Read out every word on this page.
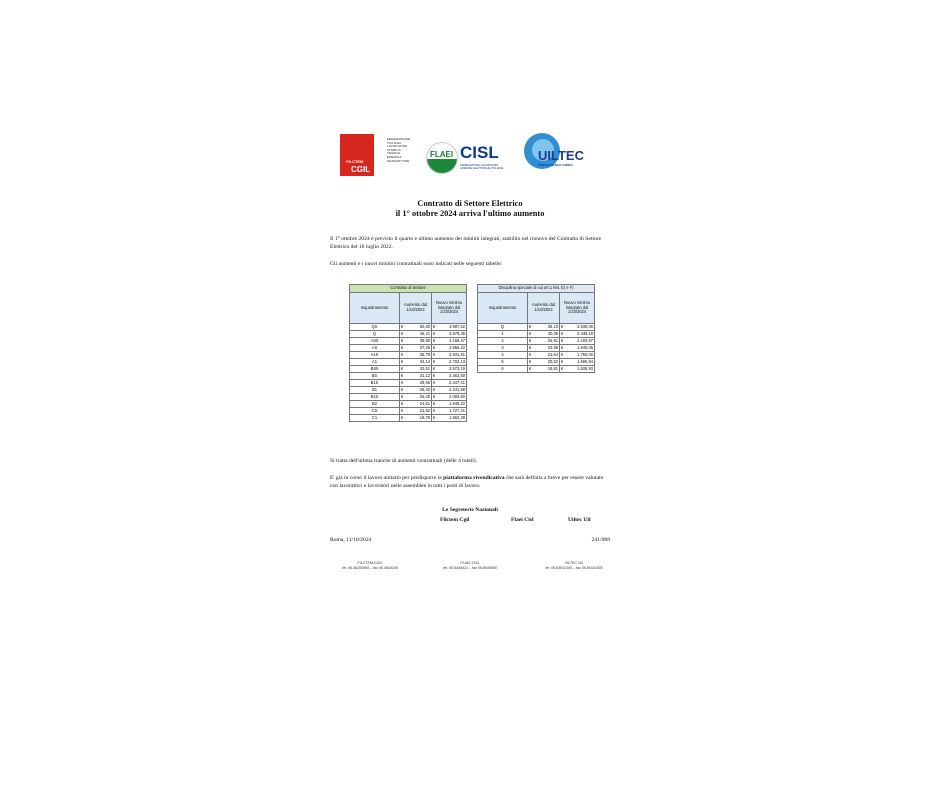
FILCTEM
CGIL
FEDERAZIONE
ITALIANA
LAVORATORI
CHIMICA
TESSILE
ENERGIA
MANIFATTURE
FLAEI CISL
FEDERAZIONE LAVORATORI AZIENDE ELETTRICHE ITALIANE
UILTEC
TESSILE ENERGIA CHIMICA
Contratto di Settore Elettrico
il 1° ottobre 2024 arriva l'ultimo aumento
Il 1° ottobre 2024 è previsto il quarto e ultimo aumento dei minimi integrati, stabilito nel rinnovo del Contratto di Settore Elettrico del 18 luglio 2022.
Gli aumenti e i nuovi minimi contrattuali sono indicati nelle seguenti tabelle:
Contratto di Settore		
Inquadramento	Aumento dal 1/10/2024	Nuovo minimo integrato dal 1/10/2024
QS	€ 50,30	€ 3.987,62

Q	€ 45,21	€ 3.578,35

AS5	€ 39,90	€ 3.158,47

AS	€ 37,35	€ 2.956,22

A1S	€ 35,78	€ 2.831,91

A1	€ 34,14	€ 2.702,13

BS5	€ 32,51	€ 2.573,19

BS	€ 31,12	€ 2.463,50

B1S	€ 29,66	€ 2.347,41

B1	€ 28,32	€ 2.241,98

B2S	€ 26,45	€ 2.093,80

B2	€ 24,61	€ 1.948,22

CS	€ 21,82	€ 1.727,41

C1	€ 19,75	€ 1.562,38
Disciplina speciale di cui art.1 lett. E) e F)		
Inquadramento	Aumento dal 1/10/2024	Nuovo minimo integrato dal 1/10/2024
Q	€ 36,10	€ 2.930,06

1	€ 30,05	€ 2.439,18

2	€ 26,91	€ 2.183,97

3	€ 23,96	€ 1.945,05

4	€ 21,64	€ 1.756,00

5	€ 20,52	€ 1.665,94

6	€ 18,81	€ 1.526,93
Si tratta dell'ultima tranche di aumenti contrattuali (delle 4 totali).
E' già in corso il lavoro unitario per predisporre la piattaforma rivendicativa che sarà definita a breve per essere valutato con lavoratrici e lavoratori nelle assemblee in tutti i posti di lavoro.
Le Segreterie Nazionali
Filctem Cgil	Flaei Cisl	Uiltec Uil
Roma, 11/10/2024	241/088
FILCTEM-CGIL
tel. 06.46200965 – fax 06.4824246
FLAEI-CISL
tel. 06.8449421 – fax 06.8549458
UILTEC UIL
tel. 06.83811300 – fax 06.86321905
